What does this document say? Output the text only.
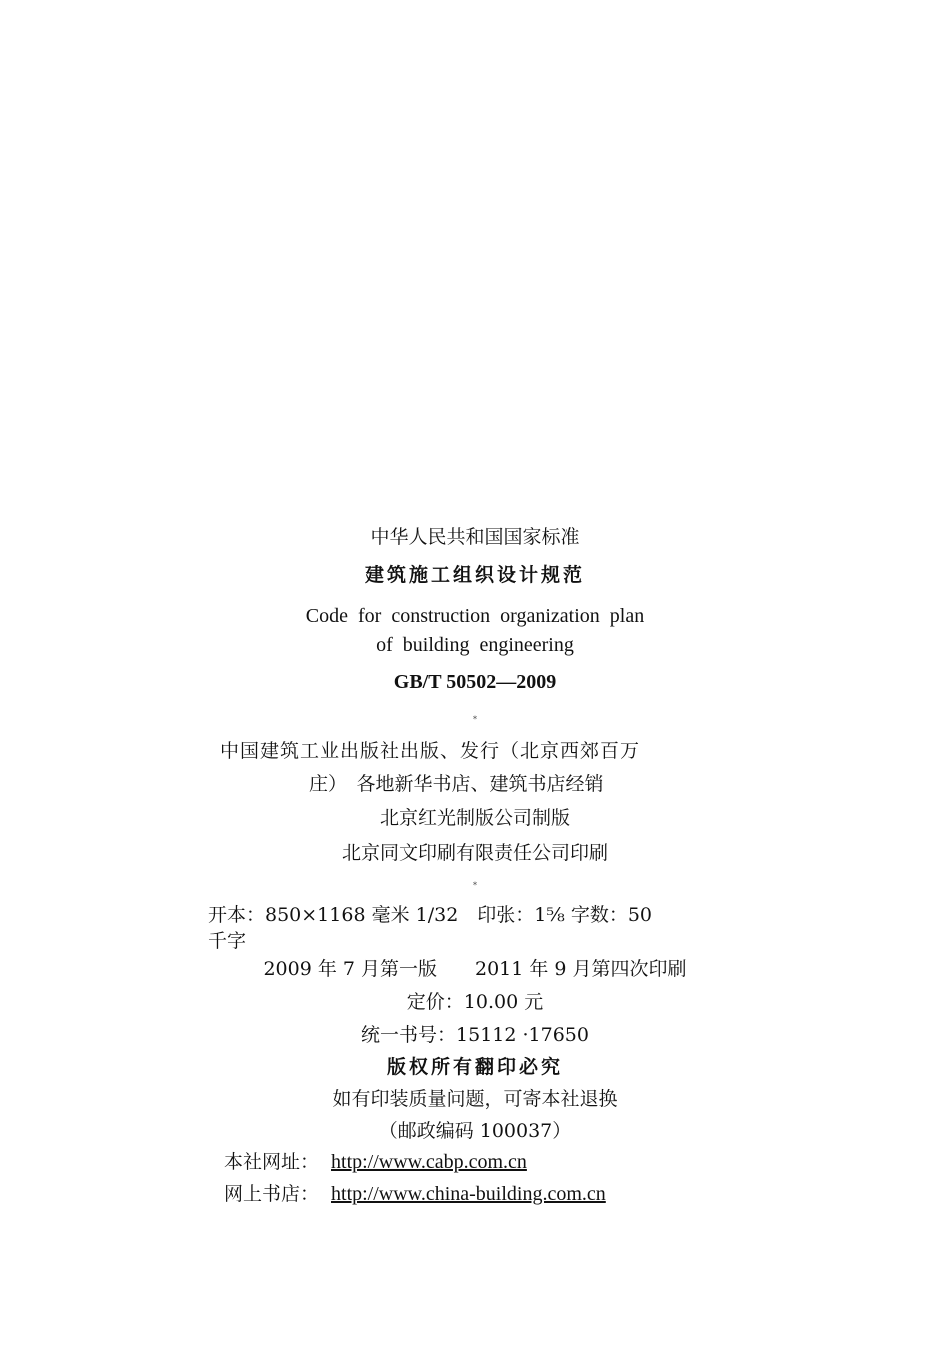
中华人民共和国国家标准
建筑施工组织设计规范
Code for construction organization plan
of building engineering
GB/T 50502—2009
*
中国建筑工业出版社出版、发行（北京西郊百万
庄）　各地新华书店、建筑书店经销
北京红光制版公司制版
北京同文印刷有限责任公司印刷
*
开本：850×1168 毫米 1/32　印张：1⅝ 字数：50
千字
2009 年 7 月第一版　　2011 年 9 月第四次印刷
定价：10.00 元
统一书号：15112 ·17650
版权所有翻印必究
如有印装质量问题，可寄本社退换
（邮政编码 100037）
本社网址： http://www.cabp.com.cn
网上书店： http://www.china-building.com.cn
